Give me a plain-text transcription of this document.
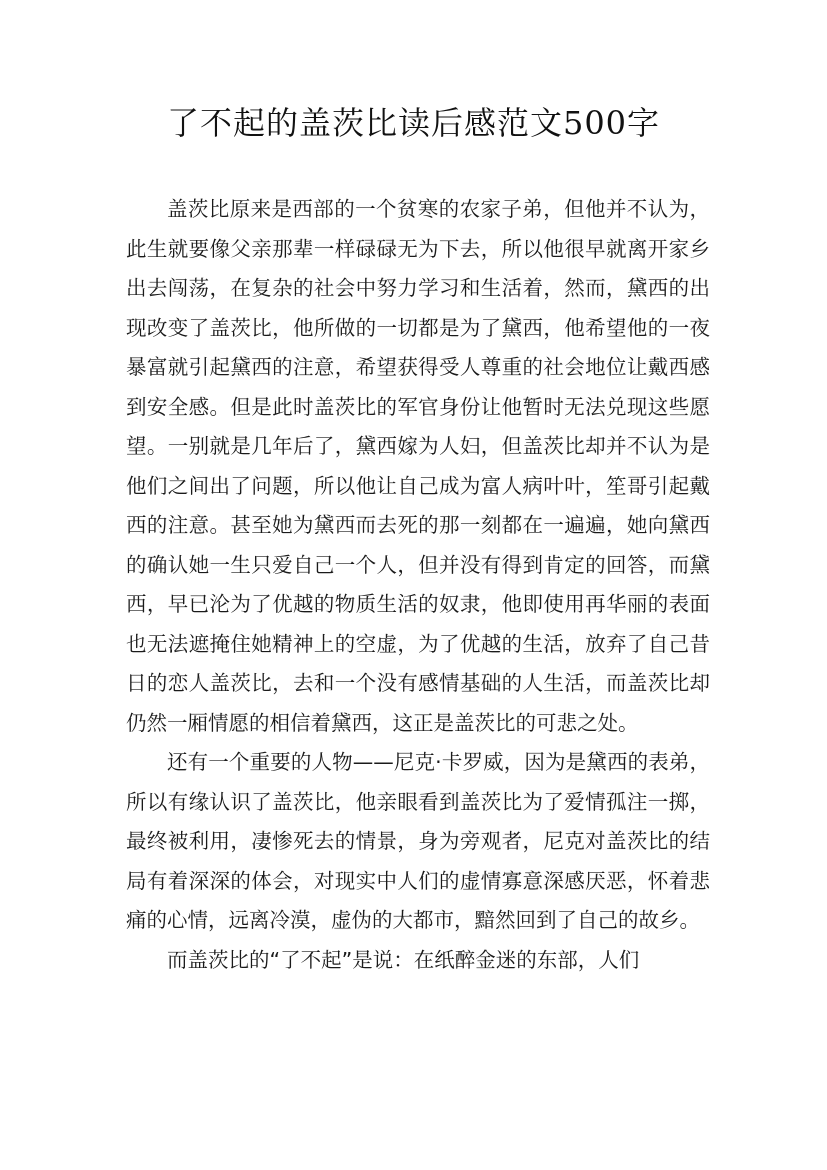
了不起的盖茨比读后感范文500字

盖茨比原来是西部的一个贫寒的农家子弟，但他并不认为，此生就要像父亲那辈一样碌碌无为下去，所以他很早就离开家乡出去闯荡，在复杂的社会中努力学习和生活着，然而，黛西的出现改变了盖茨比，他所做的一切都是为了黛西，他希望他的一夜暴富就引起黛西的注意，希望获得受人尊重的社会地位让戴西感到安全感。但是此时盖茨比的军官身份让他暂时无法兑现这些愿望。一别就是几年后了，黛西嫁为人妇，但盖茨比却并不认为是他们之间出了问题，所以他让自己成为富人病叶叶，笙哥引起戴西的注意。甚至她为黛西而去死的那一刻都在一遍遍，她向黛西的确认她一生只爱自己一个人，但并没有得到肯定的回答，而黛西，早已沦为了优越的物质生活的奴隶，他即使用再华丽的表面也无法遮掩住她精神上的空虚，为了优越的生活，放弃了自己昔日的恋人盖茨比，去和一个没有感情基础的人生活，而盖茨比却仍然一厢情愿的相信着黛西，这正是盖茨比的可悲之处。

还有一个重要的人物——尼克·卡罗威，因为是黛西的表弟，所以有缘认识了盖茨比，他亲眼看到盖茨比为了爱情孤注一掷，最终被利用，凄惨死去的情景，身为旁观者，尼克对盖茨比的结局有着深深的体会，对现实中人们的虚情寡意深感厌恶，怀着悲痛的心情，远离冷漠，虚伪的大都市，黯然回到了自己的故乡。

而盖茨比的“了不起”是说：在纸醉金迷的东部，人们
